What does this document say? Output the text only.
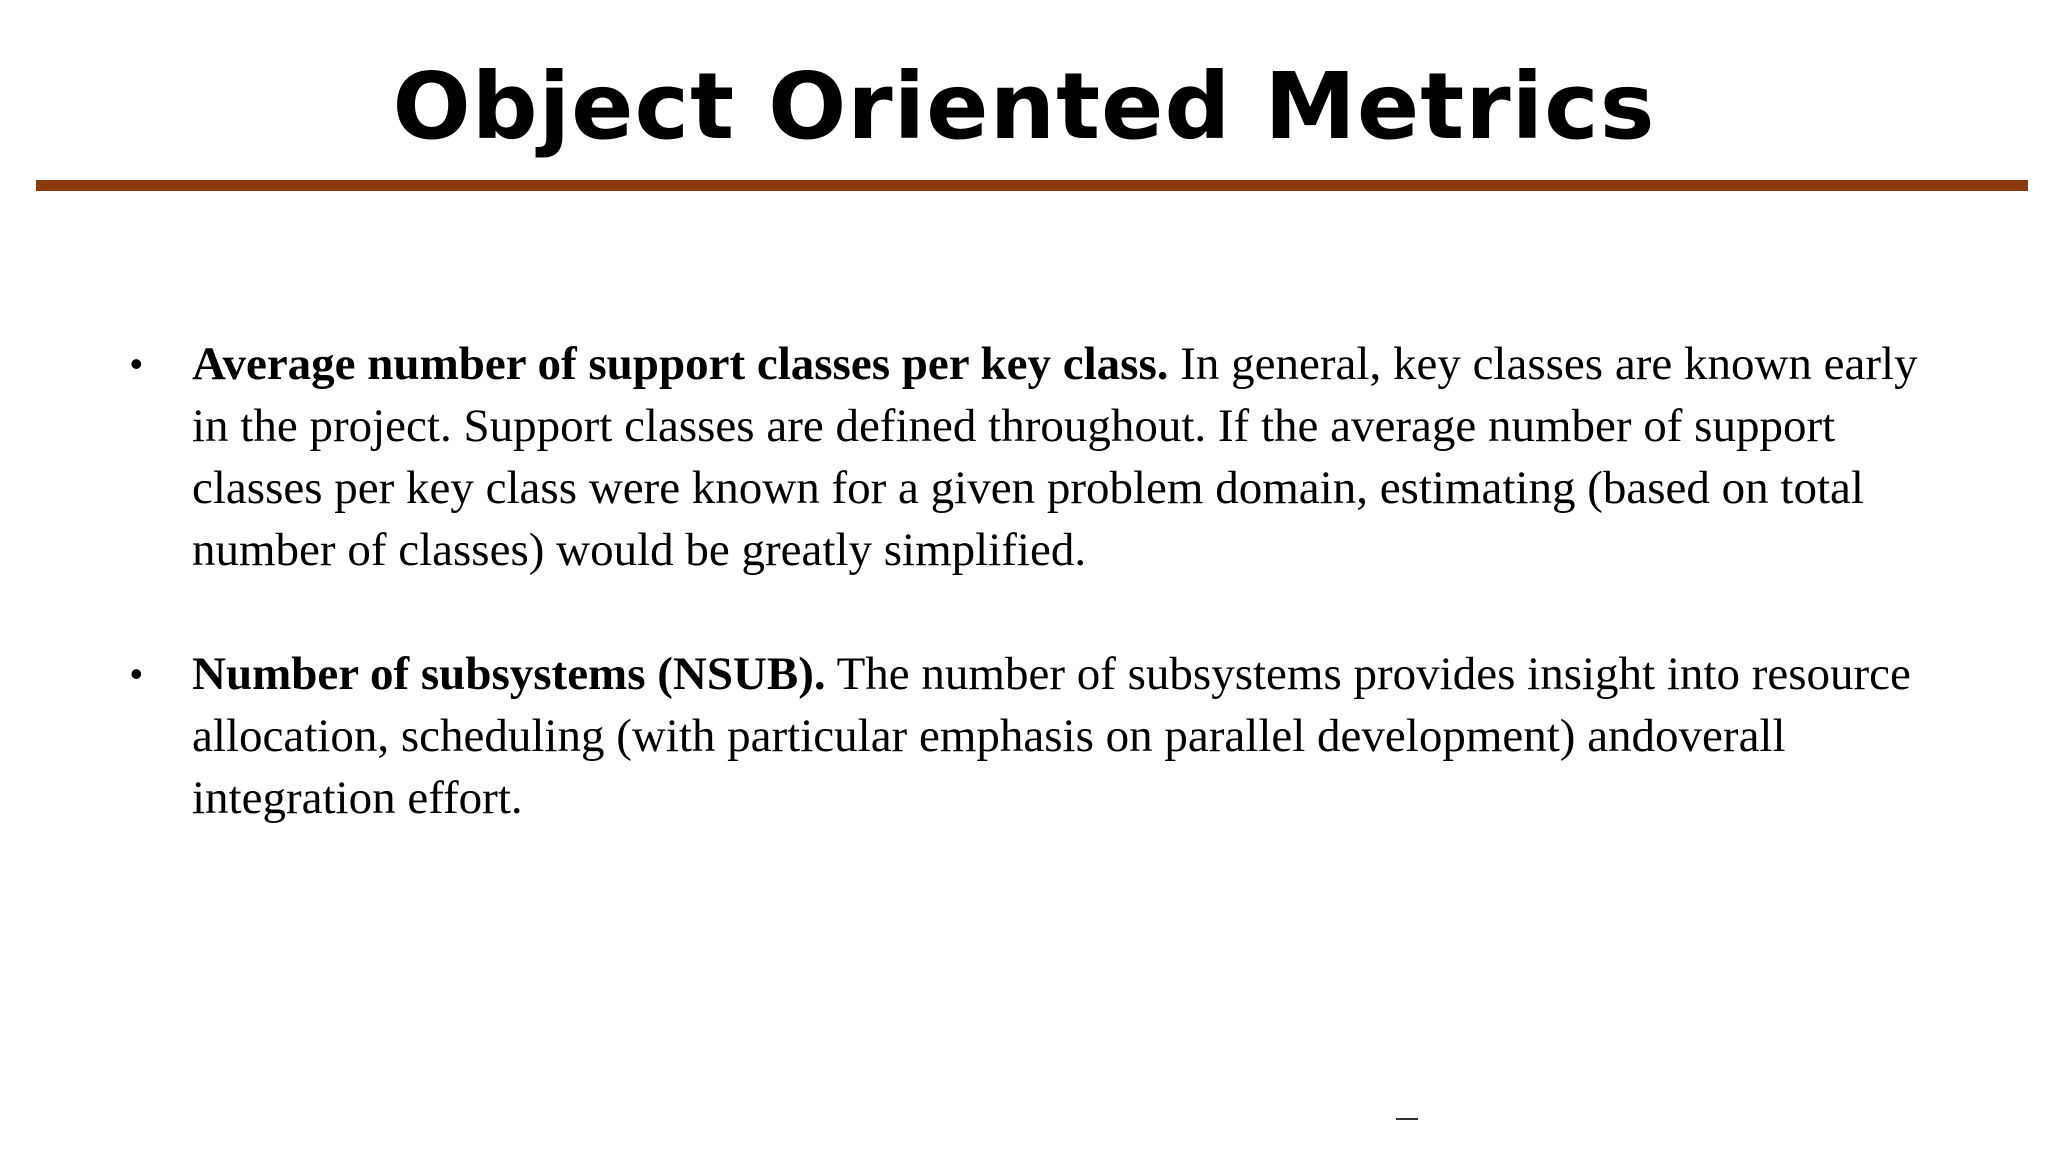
Object Oriented Metrics
• Average number of support classes per key class. In general, key classes are known early in the project. Support classes are defined throughout. If the average number of support classes per key class were known for a given problem domain, estimating (based on total number of classes) would be greatly simplified.
• Number of subsystems (NSUB). The number of subsystems provides insight into resource allocation, scheduling (with particular emphasis on parallel development) andoverall integration effort.
